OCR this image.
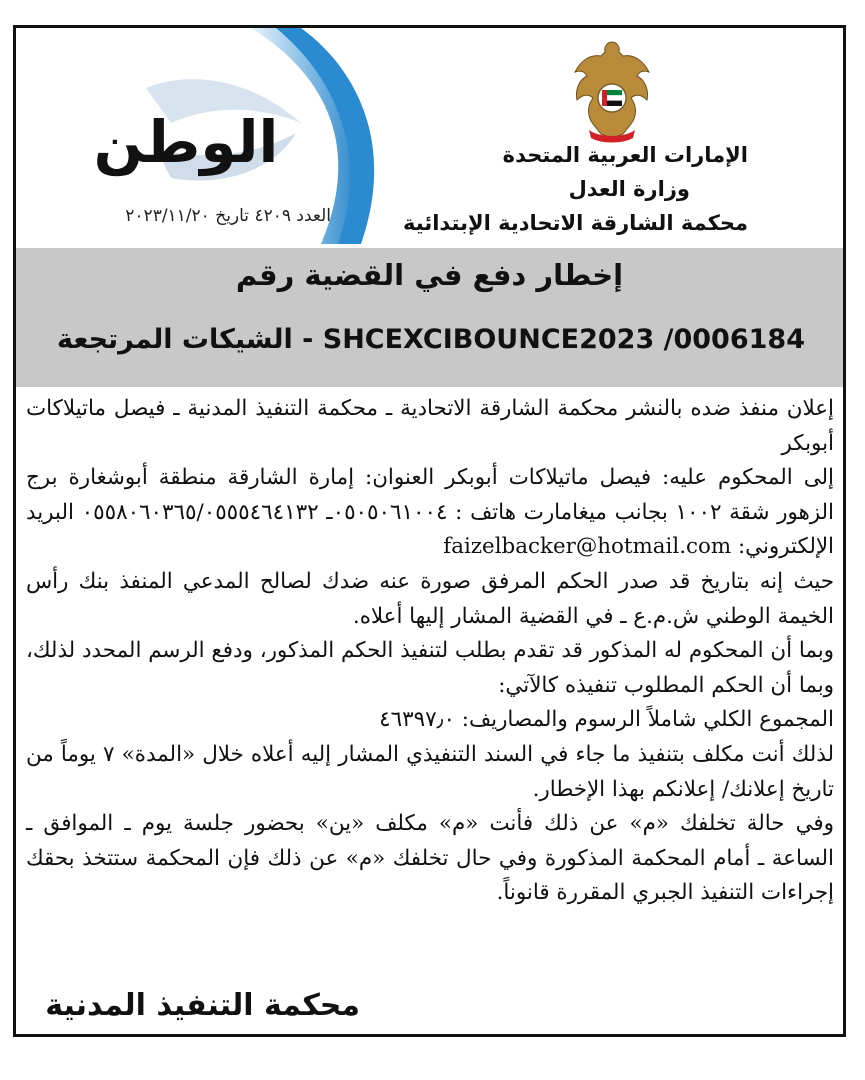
الوطن
العدد ٤٢٠٩ تاريخ ٢٠٢٣/١١/٢٠
الإمارات العربية المتحدة
وزارة العدل
محكمة الشارقة الاتحادية الإبتدائية
إخطار دفع في القضية رقم
SHCEXCIBOUNCE2023 /0006184 - الشيكات المرتجعة

إعلان منفذ ضده بالنشر محكمة الشارقة الاتحادية ـ محكمة التنفيذ المدنية ـ فيصل ماتيلاكات أبوبكر

إلى المحكوم عليه: فيصل ماتيلاكات أبوبكر العنوان: إمارة الشارقة منطقة أبوشغارة برج الزهور شقة ١٠٠٢ بجانب ميغامارت هاتف : ٠٥٠٥٠٦١٠٠٤ـ ٠٥٥٨٠٦٠٣٦٥/٠٥٥٥٤٦٤١٣٢ البريد الإلكتروني: faizelbacker@hotmail.com

حيث إنه بتاريخ قد صدر الحكم المرفق صورة عنه ضدك لصالح المدعي المنفذ بنك رأس الخيمة الوطني ش.م.ع ـ في القضية المشار إليها أعلاه.

وبما أن المحكوم له المذكور قد تقدم بطلب لتنفيذ الحكم المذكور، ودفع الرسم المحدد لذلك، وبما أن الحكم المطلوب تنفيذه كالآتي:

المجموع الكلي شاملاً الرسوم والمصاريف: ٤٦٣٩٧٫٠

لذلك أنت مكلف بتنفيذ ما جاء في السند التنفيذي المشار إليه أعلاه خلال «المدة» ٧ يوماً من تاريخ إعلانك/ إعلانكم بهذا الإخطار.

وفي حالة تخلفك «م» عن ذلك فأنت «م» مكلف «ين» بحضور جلسة يوم ـ الموافق ـ الساعة ـ أمام المحكمة المذكورة وفي حال تخلفك «م» عن ذلك فإن المحكمة ستتخذ بحقك إجراءات التنفيذ الجبري المقررة قانوناً.

محكمة التنفيذ المدنية
